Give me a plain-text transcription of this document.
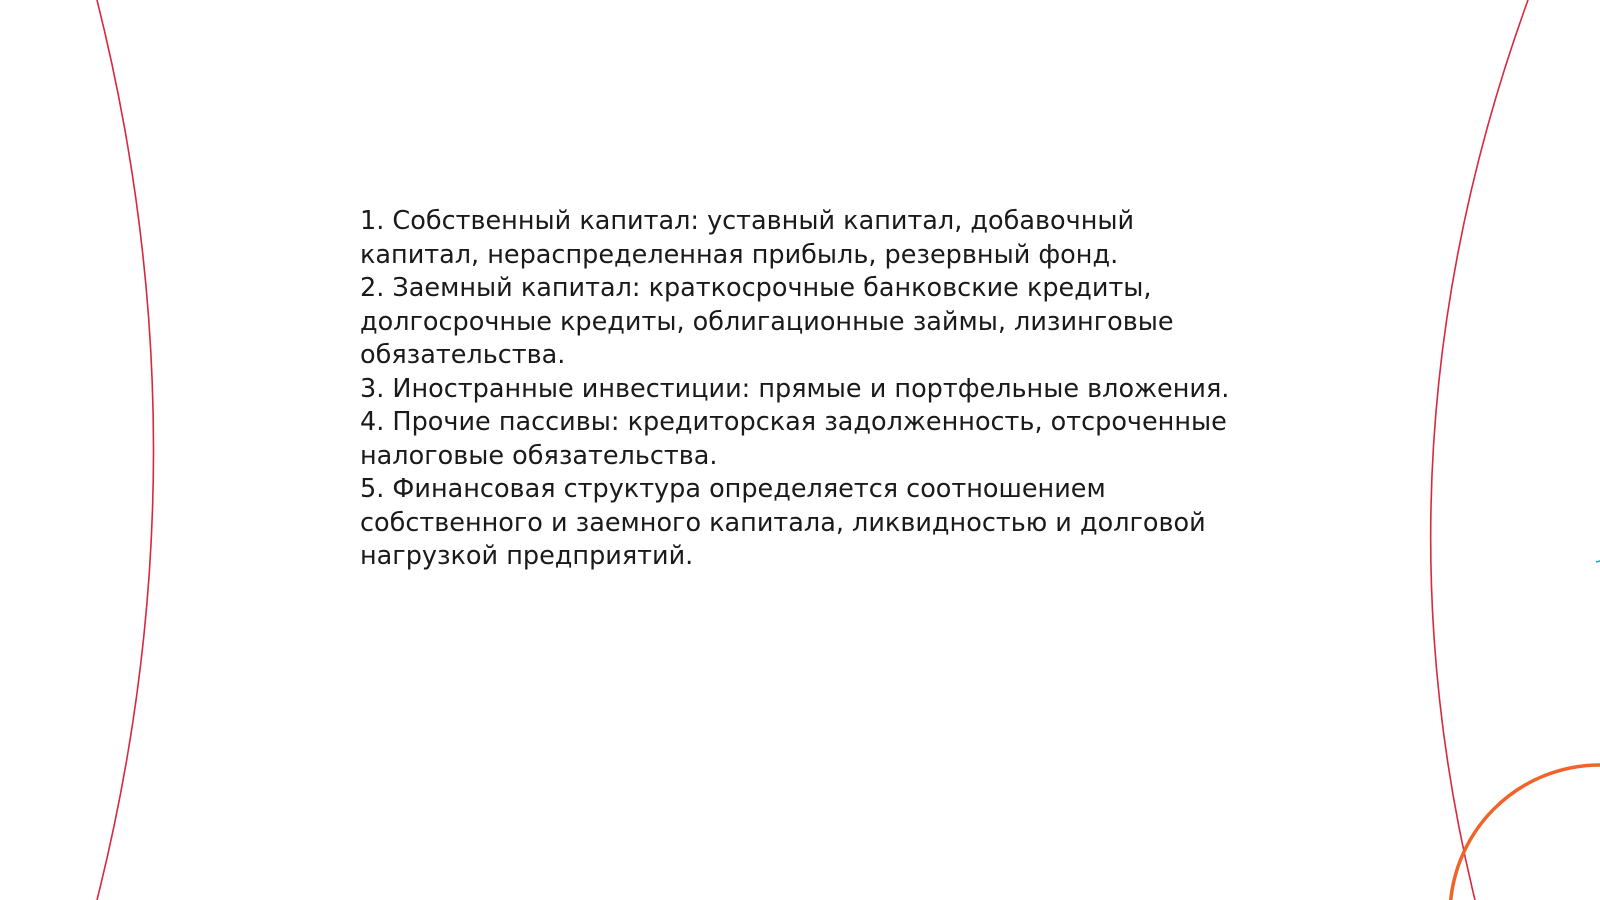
1. Собственный капитал: уставный капитал, добавочный капитал, нераспределенная прибыль, резервный фонд.

2. Заемный капитал: краткосрочные банковские кредиты, долгосрочные кредиты, облигационные займы, лизинговые обязательства.

3. Иностранные инвестиции: прямые и портфельные вложения.

4. Прочие пассивы: кредиторская задолженность, отсроченные налоговые обязательства.

5. Финансовая структура определяется соотношением собственного и заемного капитала, ликвидностью и долговой нагрузкой предприятий.
